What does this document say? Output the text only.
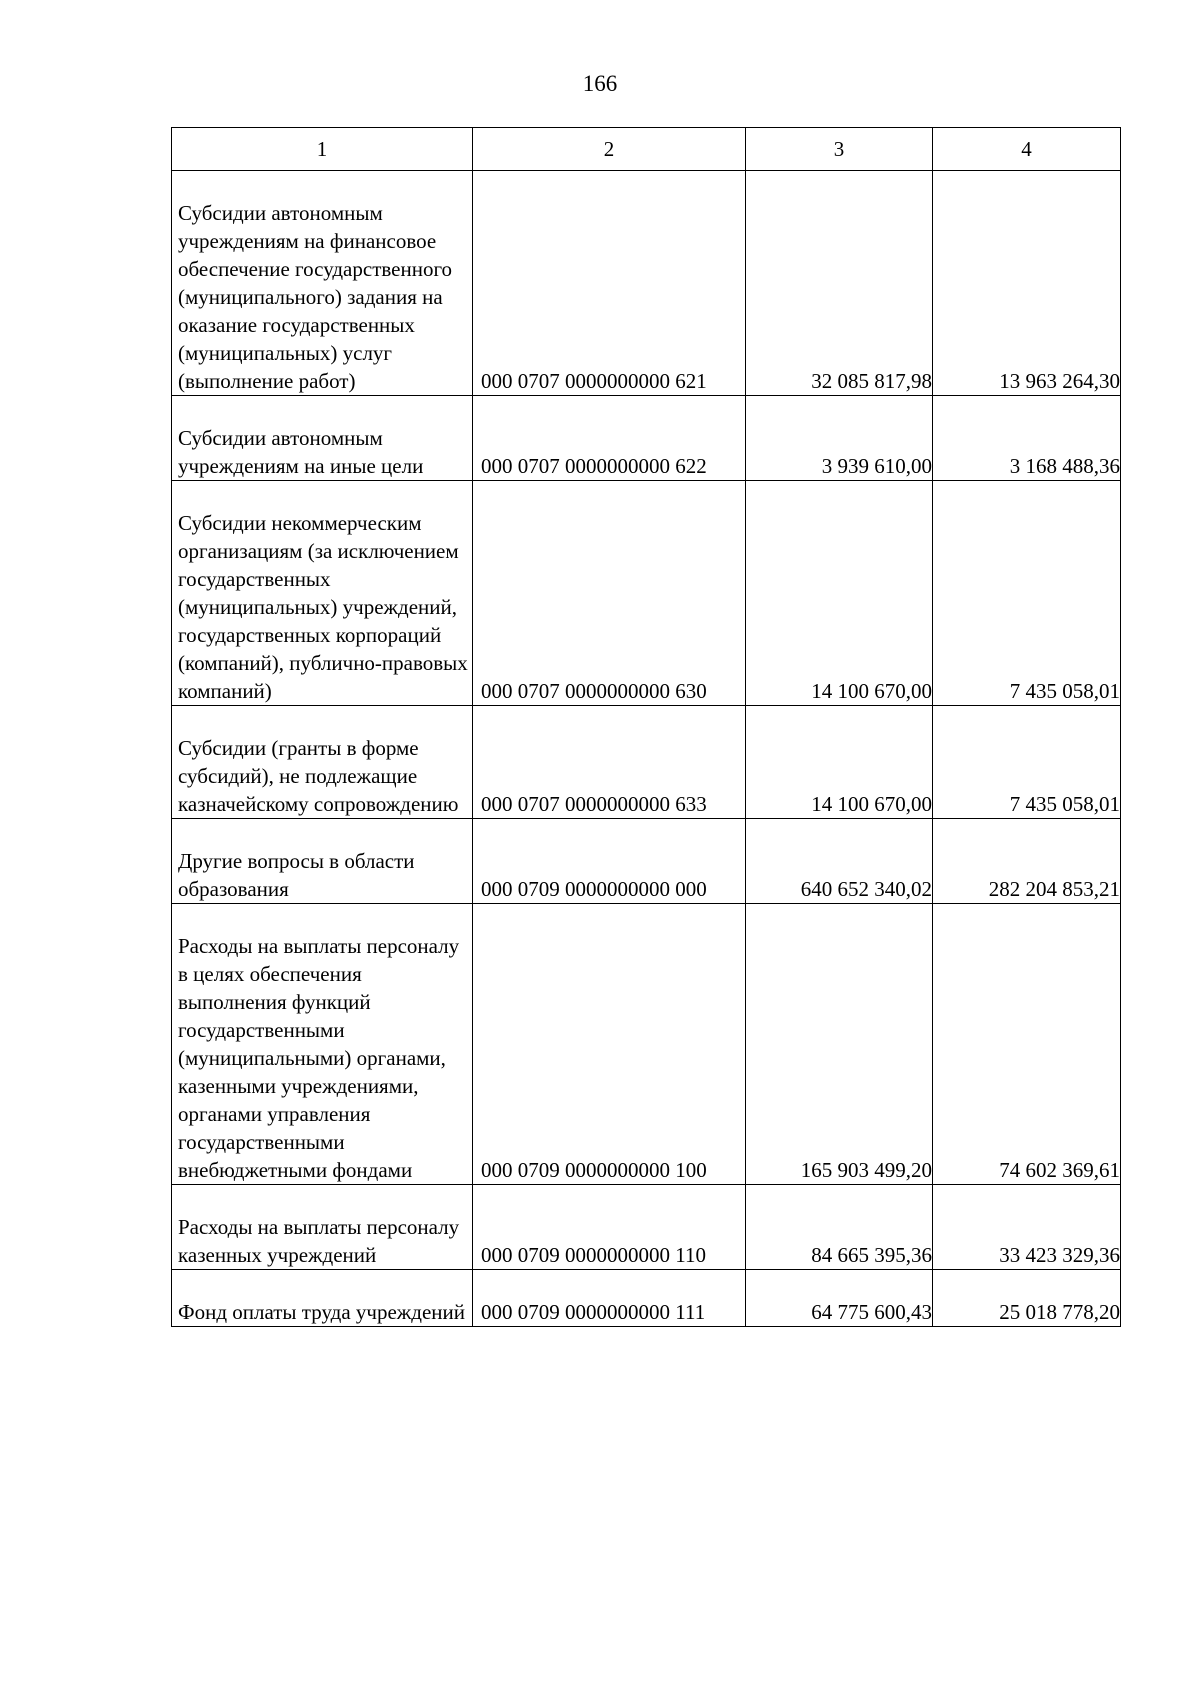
166
1	2	3	4
Субсидии автономным учреждениям на финансовое обеспечение государственного (муниципального) задания на оказание государственных (муниципальных) услуг (выполнение работ)	000 0707 0000000000 621	32 085 817,98	13 963 264,30
Субсидии автономным учреждениям на иные цели	000 0707 0000000000 622	3 939 610,00	3 168 488,36
Субсидии некоммерческим организациям (за исключением государственных (муниципальных) учреждений, государственных корпораций (компаний), публично-правовых компаний)	000 0707 0000000000 630	14 100 670,00	7 435 058,01
Субсидии (гранты в форме субсидий), не подлежащие казначейскому сопровождению	000 0707 0000000000 633	14 100 670,00	7 435 058,01
Другие вопросы в области образования	000 0709 0000000000 000	640 652 340,02	282 204 853,21
Расходы на выплаты персоналу в целях обеспечения выполнения функций государственными (муниципальными) органами, казенными учреждениями, органами управления государственными внебюджетными фондами	000 0709 0000000000 100	165 903 499,20	74 602 369,61
Расходы на выплаты персоналу казенных учреждений	000 0709 0000000000 110	84 665 395,36	33 423 329,36
Фонд оплаты труда учреждений	000 0709 0000000000 111	64 775 600,43	25 018 778,20
